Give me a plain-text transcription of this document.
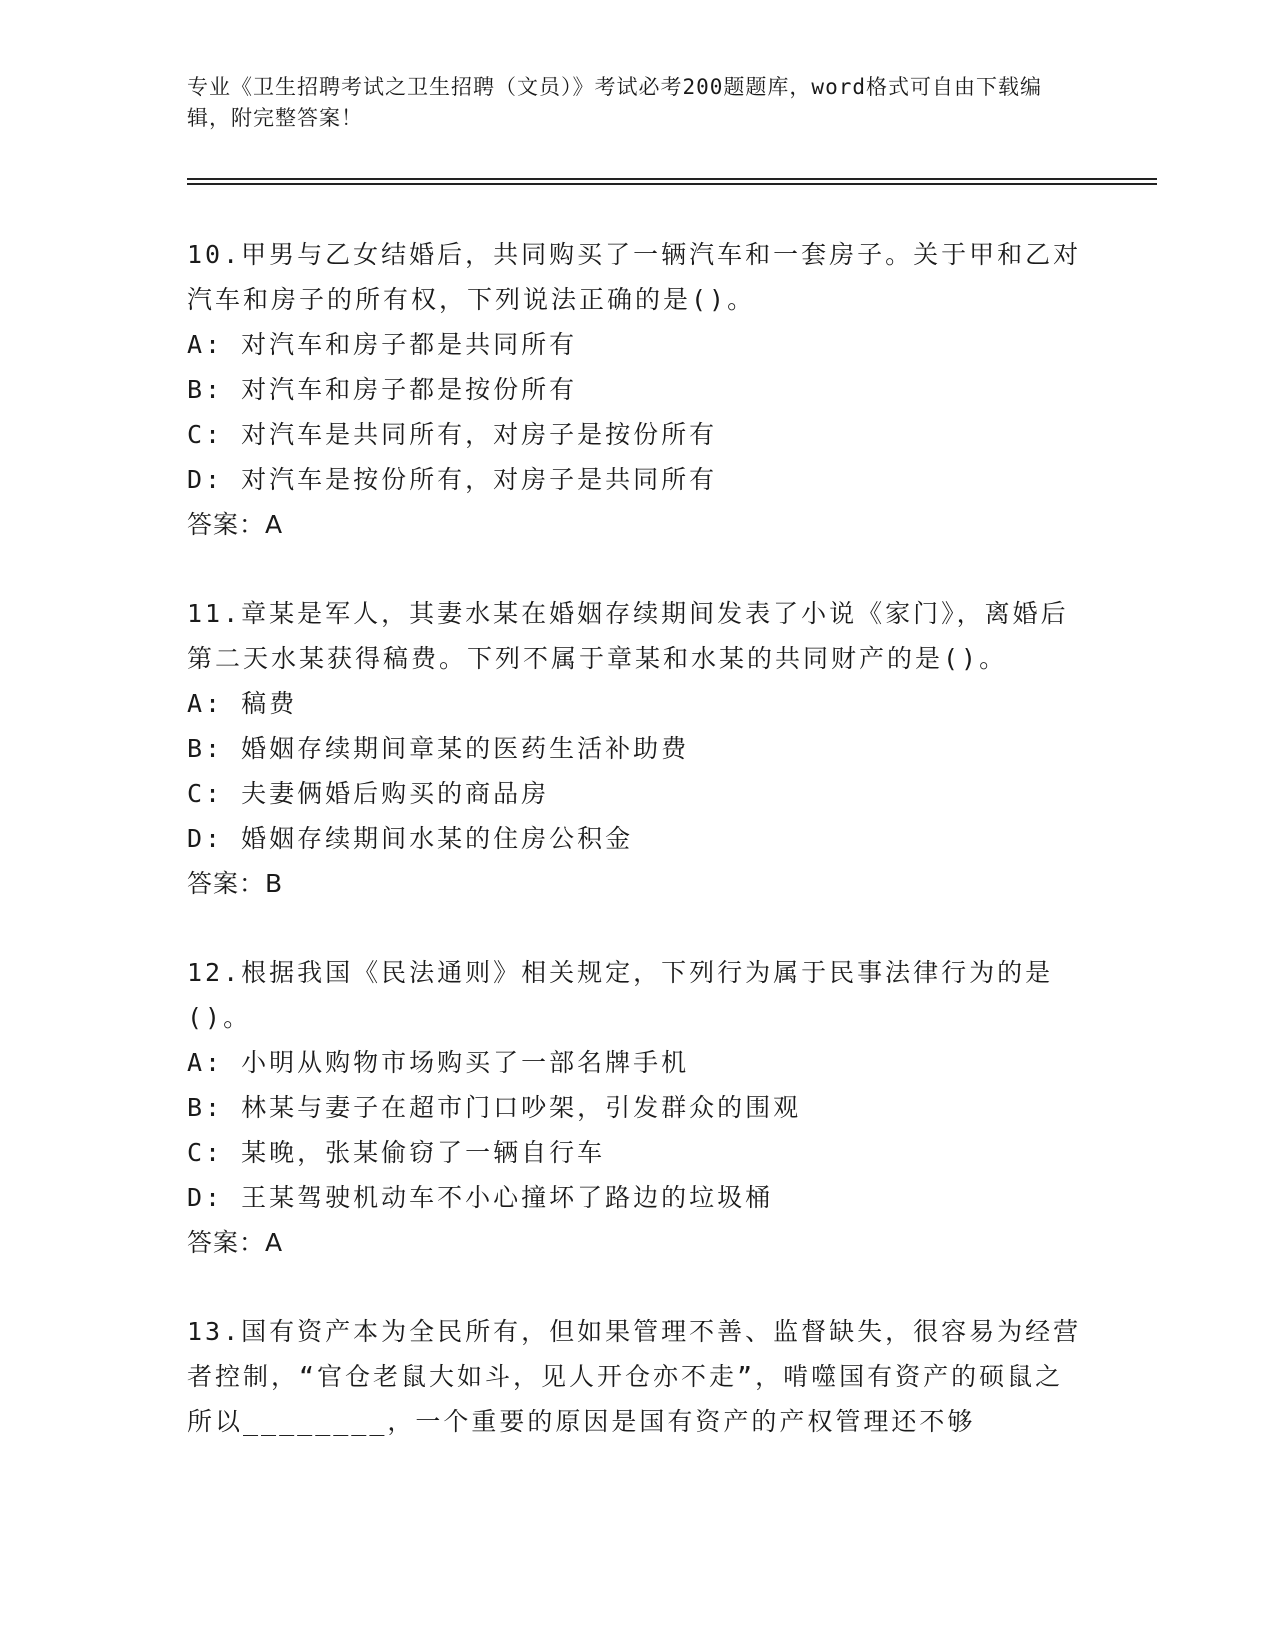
专业《卫生招聘考试之卫生招聘（文员）》考试必考200题题库，word格式可自由下载编辑，附完整答案！

10.甲男与乙女结婚后，共同购买了一辆汽车和一套房子。关于甲和乙对汽车和房子的所有权，下列说法正确的是()。

A: 对汽车和房子都是共同所有

B: 对汽车和房子都是按份所有

C: 对汽车是共同所有，对房子是按份所有

D: 对汽车是按份所有，对房子是共同所有

答案：A

11.章某是军人，其妻水某在婚姻存续期间发表了小说《家门》，离婚后第二天水某获得稿费。下列不属于章某和水某的共同财产的是()。

A: 稿费

B: 婚姻存续期间章某的医药生活补助费

C: 夫妻俩婚后购买的商品房

D: 婚姻存续期间水某的住房公积金

答案：B

12.根据我国《民法通则》相关规定，下列行为属于民事法律行为的是()。

A: 小明从购物市场购买了一部名牌手机

B: 林某与妻子在超市门口吵架，引发群众的围观

C: 某晚，张某偷窃了一辆自行车

D: 王某驾驶机动车不小心撞坏了路边的垃圾桶

答案：A

13.国有资产本为全民所有，但如果管理不善、监督缺失，很容易为经营者控制，“官仓老鼠大如斗，见人开仓亦不走”，啃噬国有资产的硕鼠之所以________，一个重要的原因是国有资产的产权管理还不够
